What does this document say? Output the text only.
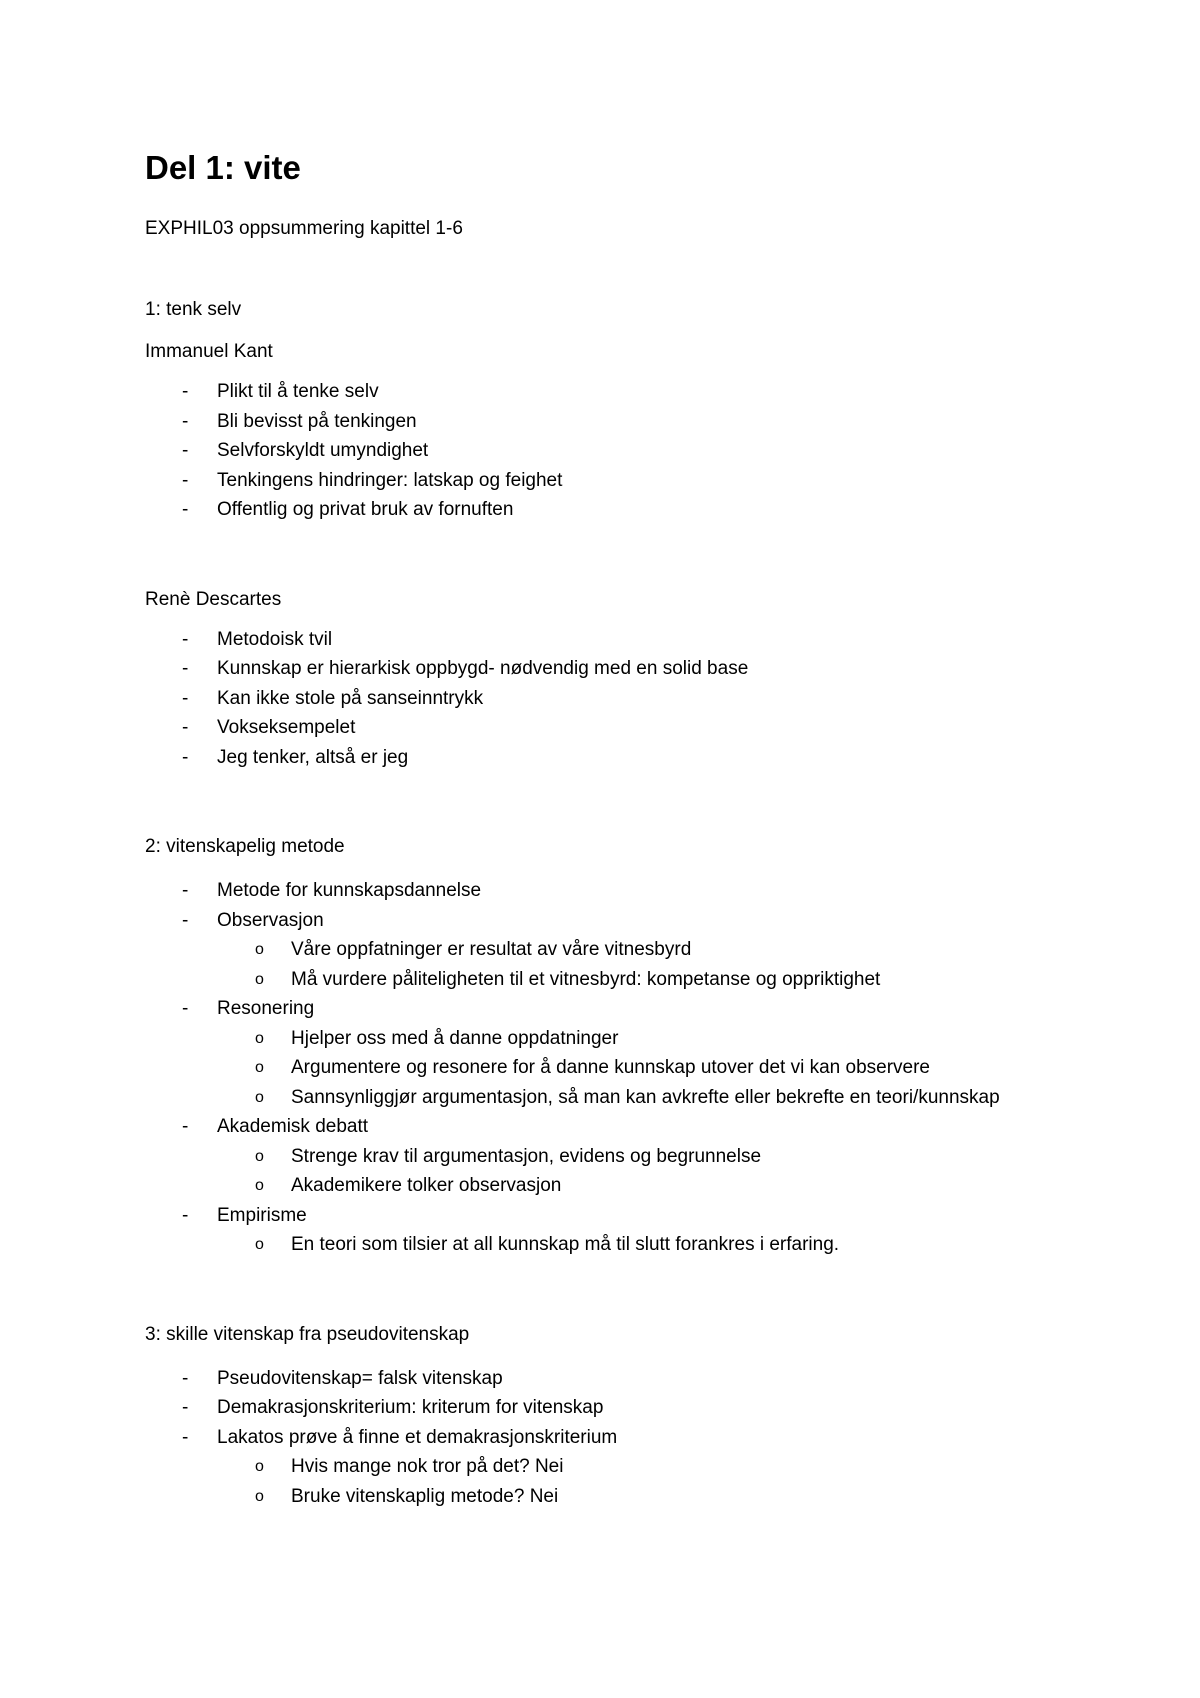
Del 1: vite

EXPHIL03 oppsummering kapittel 1-6

1: tenk selv

Immanuel Kant

- Plikt til å tenke selv
- Bli bevisst på tenkingen
- Selvforskyldt umyndighet
- Tenkingens hindringer: latskap og feighet
- Offentlig og privat bruk av fornuften

Renè Descartes

- Metodoisk tvil
- Kunnskap er hierarkisk oppbygd- nødvendig med en solid base
- Kan ikke stole på sanseinntrykk
- Vokseksempelet
- Jeg tenker, altså er jeg

2: vitenskapelig metode

- Metode for kunnskapsdannelse
- Observasjon
o Våre oppfatninger er resultat av våre vitnesbyrd
o Må vurdere påliteligheten til et vitnesbyrd: kompetanse og oppriktighet
- Resonering
o Hjelper oss med å danne oppdatninger
o Argumentere og resonere for å danne kunnskap utover det vi kan observere
o Sannsynliggjør argumentasjon, så man kan avkrefte eller bekrefte en teori/kunnskap
- Akademisk debatt
o Strenge krav til argumentasjon, evidens og begrunnelse
o Akademikere tolker observasjon
- Empirisme
o En teori som tilsier at all kunnskap må til slutt forankres i erfaring.

3: skille vitenskap fra pseudovitenskap

- Pseudovitenskap= falsk vitenskap
- Demakrasjonskriterium: kriterum for vitenskap
- Lakatos prøve å finne et demakrasjonskriterium
o Hvis mange nok tror på det? Nei
o Bruke vitenskaplig metode? Nei
